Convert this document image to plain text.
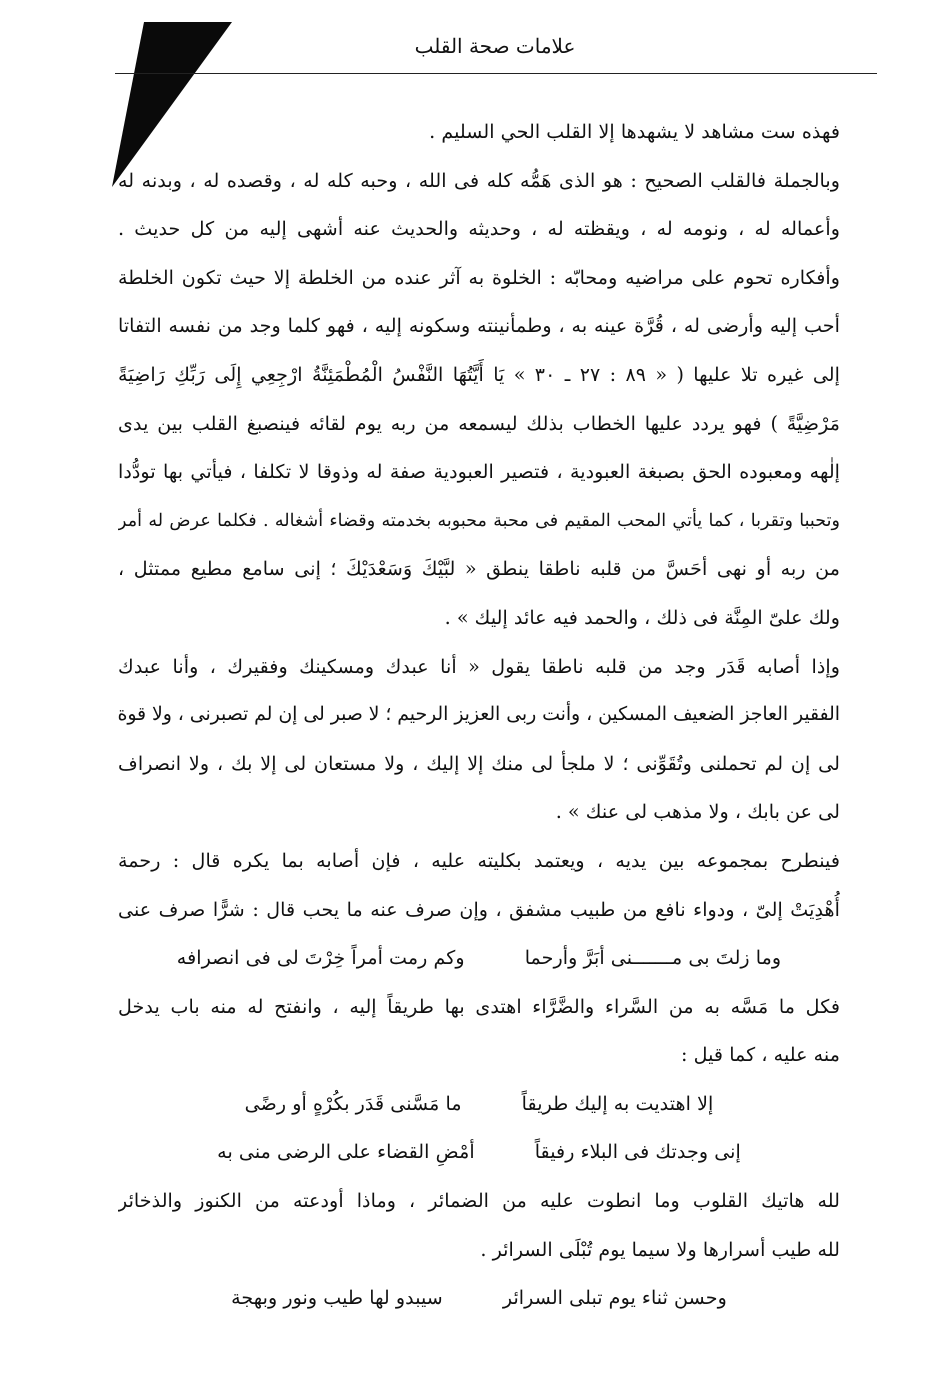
علامات صحة القلب
فهذه ست مشاهد لا يشهدها إلا القلب الحي السليم .
وبالجملة فالقلب الصحيح : هو الذى هَمُّه كله فى الله ، وحبه كله له ، وقصده له ، وبدنه له
وأعماله له ، ونومه له ، ويقظته له ، وحديثه والحديث عنه أشهى إليه من كل حديث .
وأفكاره تحوم على مراضيه ومحابّه : الخلوة به آثر عنده من الخلطة إلا حيث تكون الخلطة
أحب إليه وأرضى له ، قُرَّة عينه به ، وطمأنينته وسكونه إليه ، فهو كلما وجد من نفسه التفاتا
إلى غيره تلا عليها ( « ٨٩ : ٢٧ ـ ٣٠ » يَا أَيَّتُهَا النَّفْسُ الْمُطْمَئِنَّةُ ارْجِعِي إِلَى رَبِّكِ رَاضِيَةً
مَرْضِيَّةً ) فهو يردد عليها الخطاب بذلك ليسمعه من ربه يوم لقائه فينصبغ القلب بين يدى
إلٰهه ومعبوده الحق بصبغة العبودية ، فتصير العبودية صفة له وذوقا لا تكلفا ، فيأتي بها تودُّدا
وتحببا وتقربا ، كما يأتي المحب المقيم فى محبة محبوبه بخدمته وقضاء أشغاله . فكلما عرض له أمر
من ربه أو نهى أحَسَّ من قلبه ناطقا ينطق « لبَّيْكَ وَسَعْدَيْكَ ؛ إنى سامع مطيع ممتثل ،
ولك علىّ المِنَّة فى ذلك ، والحمد فيه عائد إليك » .
وإذا أصابه قَدَر وجد من قلبه ناطقا يقول « أنا عبدك ومسكينك وفقيرك ، وأنا عبدك
الفقير العاجز الضعيف المسكين ، وأنت ربى العزيز الرحيم ؛ لا صبر لى إن لم تصبرنى ، ولا قوة
لى إن لم تحملنى وتُقَوِّنى ؛ لا ملجأ لى منك إلا إليك ، ولا مستعان لى إلا بك ، ولا انصراف
لى عن بابك ، ولا مذهب لى عنك » .
فينطرح بمجموعه بين يديه ، ويعتمد بكليته عليه ، فإن أصابه بما يكره قال : رحمة
أُهْدِيَتْ إلىّ ، ودواء نافع من طبيب مشفق ، وإن صرف عنه ما يحب قال : شرًّا صرف عنى
وكم رمت أمراً خِرْتَ لى فى انصرافه	وما زلتَ بى مـــــــنى أبَرَّ وأرحما
فكل ما مَسَّه به من السَّراء والضَّرَّاء اهتدى بها طريقاً إليه ، وانفتح له منه باب يدخل
منه عليه ، كما قيل :
ما مَسَّنى قَدَر بكُرْهٍ أو رضًى	إلا اهتديت به إليك طريقاً
أمْضِ القضاء على الرضى منى به	إنى وجدتك فى البلاء رفيقاً
لله هاتيك القلوب وما انطوت عليه من الضمائر ، وماذا أودعته من الكنوز والذخائر
لله طيب أسرارها ولا سيما يوم تُبْلَى السرائر .
سيبدو لها طيب ونور وبهجة	وحسن ثناء يوم تبلى السرائر
